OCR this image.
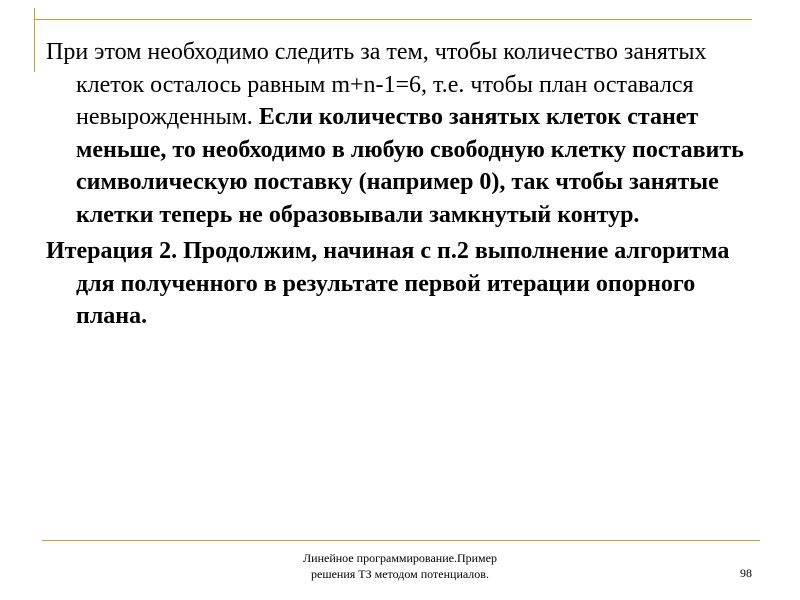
При этом необходимо следить за тем, чтобы количество занятых клеток осталось равным m+n-1=6, т.е. чтобы план оставался невырожденным. Если количество занятых клеток станет меньше, то необходимо в любую свободную клетку поставить символическую поставку (например 0), так чтобы занятые клетки теперь не образовывали замкнутый контур.

Итерация 2. Продолжим, начиная с п.2 выполнение алгоритма для полученного в результате первой итерации опорного плана.

Линейное программирование.Пример
решения ТЗ методом потенциалов.	98
